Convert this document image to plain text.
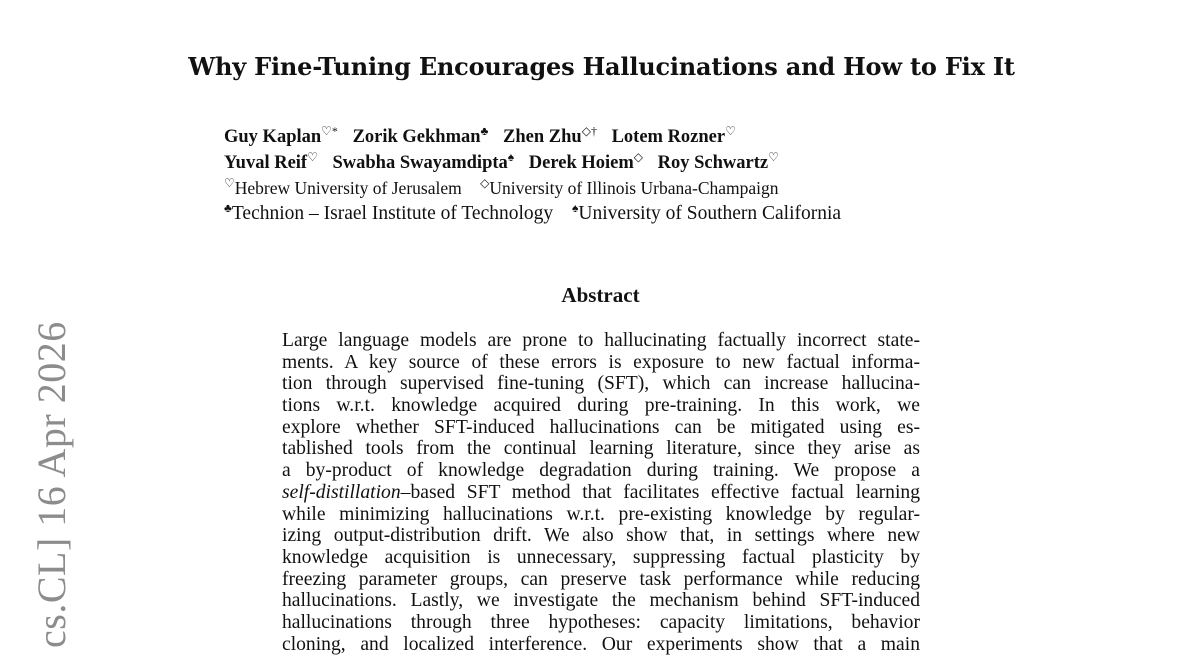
Why Fine-Tuning Encourages Hallucinations and How to Fix It
Guy Kaplan♡* Zorik Gekhman♣ Zhen Zhu◇† Lotem Rozner♡
Yuval Reif♡ Swabha Swayamdipta♠ Derek Hoiem◇ Roy Schwartz♡
♡Hebrew University of Jerusalem ◇University of Illinois Urbana-Champaign
♣Technion – Israel Institute of Technology ♠University of Southern California
Abstract
Large language models are prone to hallucinating factually incorrect state-
ments. A key source of these errors is exposure to new factual informa-
tion through supervised fine-tuning (SFT), which can increase hallucina-
tions w.r.t. knowledge acquired during pre-training. In this work, we
explore whether SFT-induced hallucinations can be mitigated using es-
tablished tools from the continual learning literature, since they arise as
a by-product of knowledge degradation during training. We propose a
self-distillation–based SFT method that facilitates effective factual learning
while minimizing hallucinations w.r.t. pre-existing knowledge by regular-
izing output-distribution drift. We also show that, in settings where new
knowledge acquisition is unnecessary, suppressing factual plasticity by
freezing parameter groups, can preserve task performance while reducing
hallucinations. Lastly, we investigate the mechanism behind SFT-induced
hallucinations through three hypotheses: capacity limitations, behavior
cloning, and localized interference. Our experiments show that a main
cs.CL] 16 Apr 2026
